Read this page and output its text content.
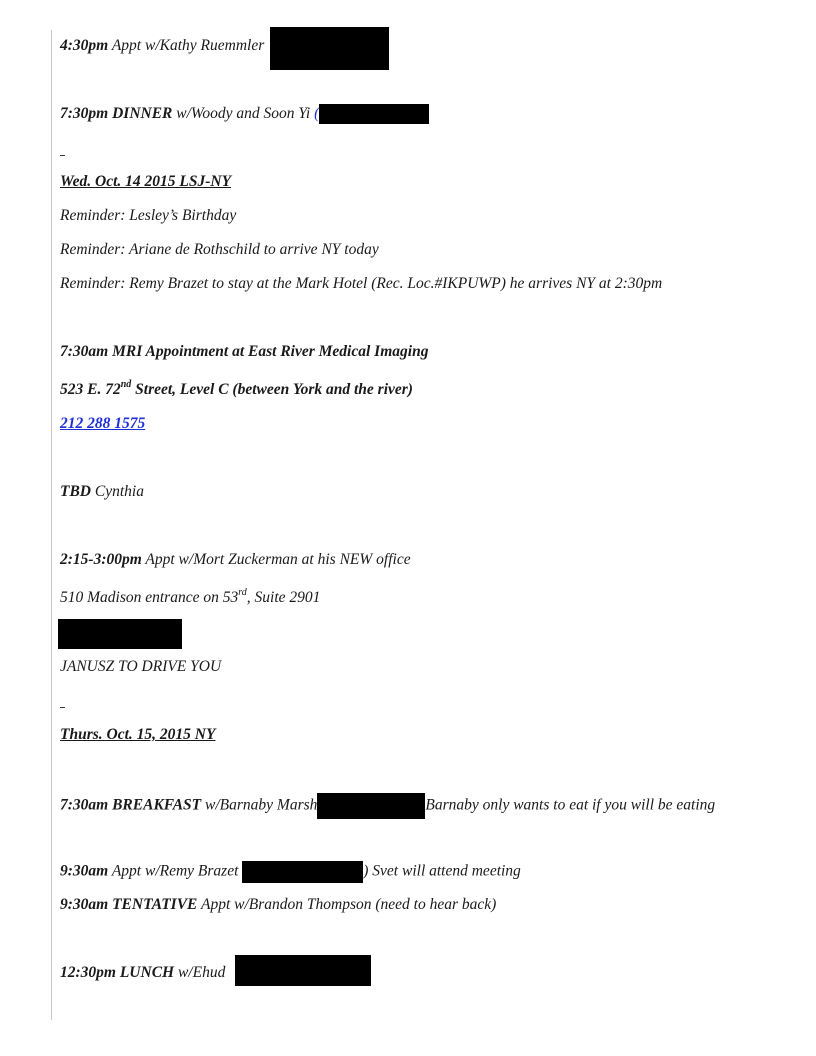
4:30pm Appt w/Kathy Ruemmler
7:30pm DINNER w/Woody and Soon Yi (
Wed. Oct. 14 2015 LSJ-NY
Reminder: Lesley’s Birthday
Reminder: Ariane de Rothschild to arrive NY today
Reminder: Remy Brazet to stay at the Mark Hotel (Rec. Loc.#IKPUWP) he arrives NY at 2:30pm
7:30am MRI Appointment at East River Medical Imaging
523 E. 72nd Street, Level C (between York and the river)
212 288 1575
TBD Cynthia
2:15-3:00pm Appt w/Mort Zuckerman at his NEW office
510 Madison entrance on 53rd, Suite 2901
JANUSZ TO DRIVE YOU
Thurs. Oct. 15, 2015 NY
7:30am BREAKFAST w/Barnaby Marsh	Barnaby only wants to eat if you will be eating
9:30am Appt w/Remy Brazet	) Svet will attend meeting
9:30am TENTATIVE Appt w/Brandon Thompson (need to hear back)
12:30pm LUNCH w/Ehud
